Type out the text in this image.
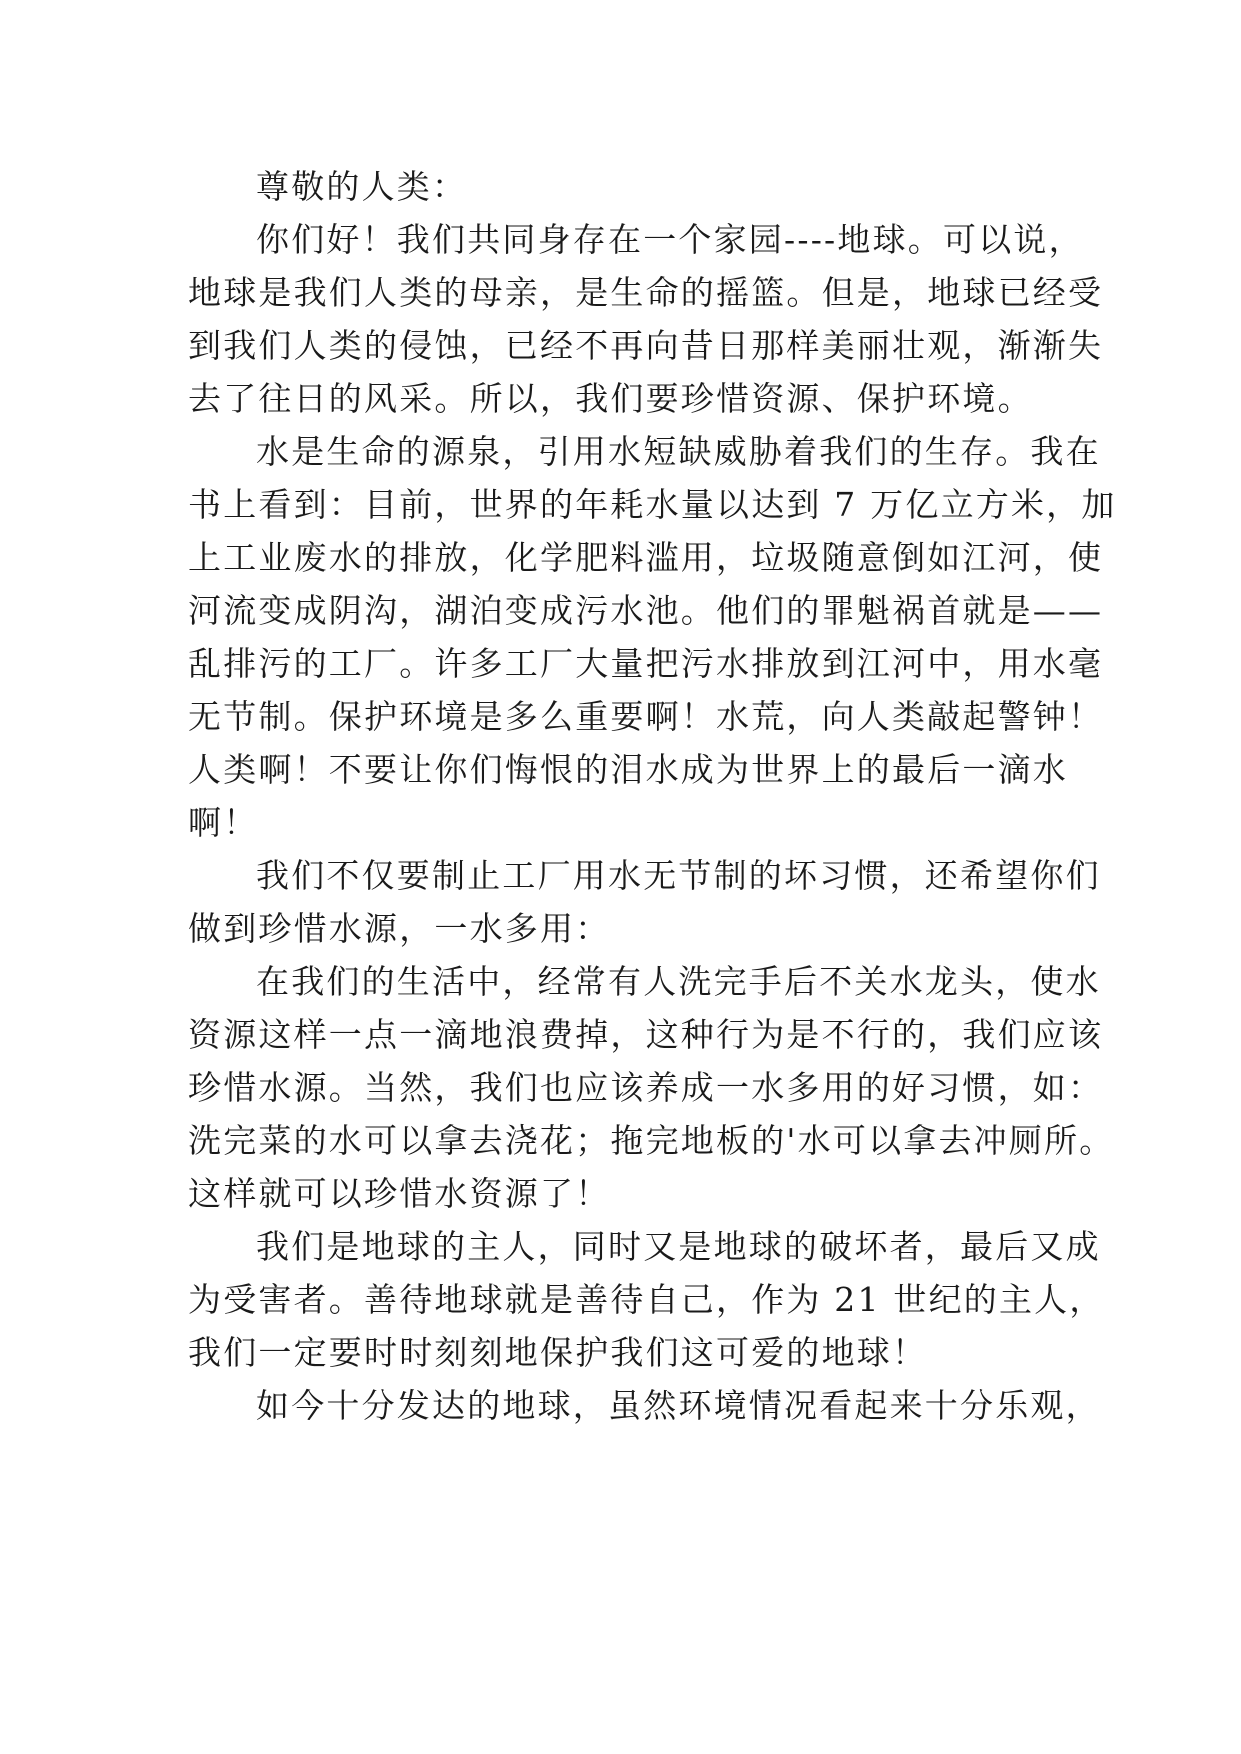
尊敬的人类：
你们好！我们共同身存在一个家园----地球。可以说，
地球是我们人类的母亲，是生命的摇篮。但是，地球已经受
到我们人类的侵蚀，已经不再向昔日那样美丽壮观，渐渐失
去了往日的风采。所以，我们要珍惜资源、保护环境。
水是生命的源泉，引用水短缺威胁着我们的生存。我在
书上看到：目前，世界的年耗水量以达到 7 万亿立方米，加
上工业废水的排放，化学肥料滥用，垃圾随意倒如江河，使
河流变成阴沟，湖泊变成污水池。他们的罪魁祸首就是——
乱排污的工厂。许多工厂大量把污水排放到江河中，用水毫
无节制。保护环境是多么重要啊！水荒，向人类敲起警钟！
人类啊！不要让你们悔恨的泪水成为世界上的最后一滴水
啊！
我们不仅要制止工厂用水无节制的坏习惯，还希望你们
做到珍惜水源，一水多用：
在我们的生活中，经常有人洗完手后不关水龙头，使水
资源这样一点一滴地浪费掉，这种行为是不行的，我们应该
珍惜水源。当然，我们也应该养成一水多用的好习惯，如：
洗完菜的水可以拿去浇花；拖完地板的'水可以拿去冲厕所。
这样就可以珍惜水资源了！
我们是地球的主人，同时又是地球的破坏者，最后又成
为受害者。善待地球就是善待自己，作为 21 世纪的主人，
我们一定要时时刻刻地保护我们这可爱的地球！
如今十分发达的地球，虽然环境情况看起来十分乐观，
